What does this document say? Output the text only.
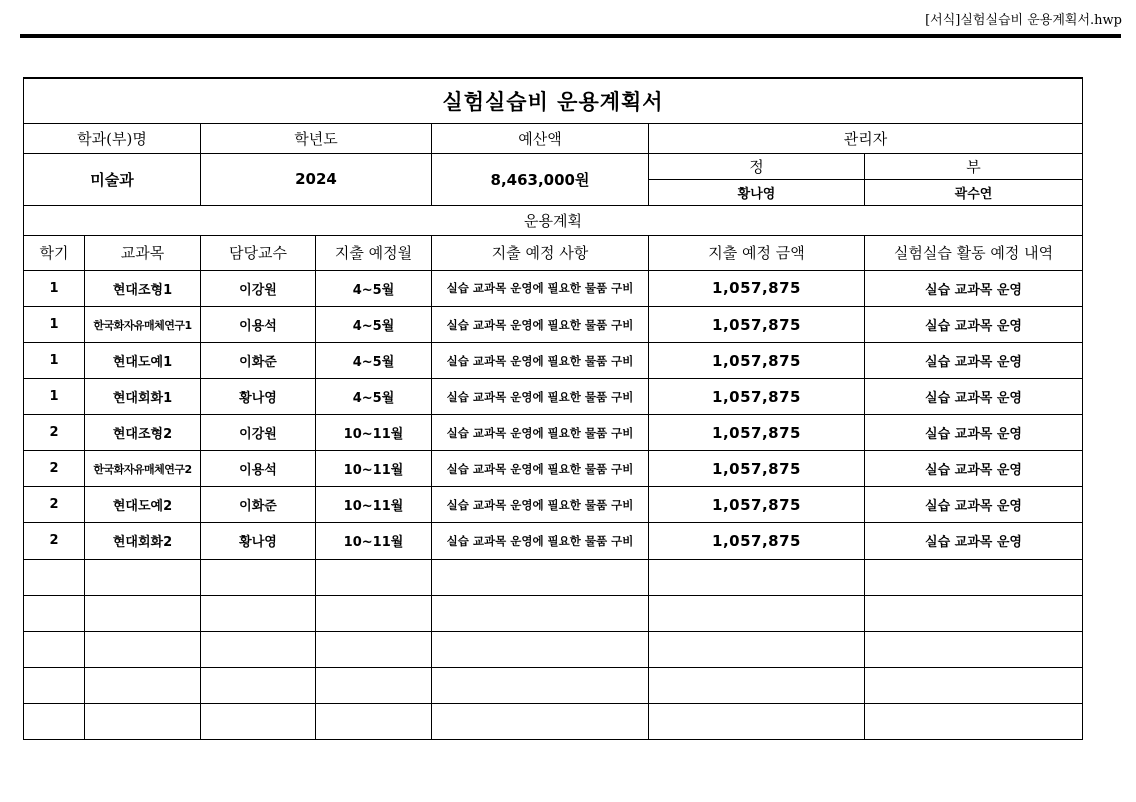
[서식]실험실습비 운용계획서.hwp
실험실습비 운용계획서						
학과(부)명		학년도		예산액	관리자	
미술과		2024		8,463,000원	정	부
					황나영	곽수연
운용계획						
학기	교과목	담당교수	지출 예정월	지출 예정 사항	지출 예정 금액	실험실습 활동 예정 내역
1	현대조형1	이강원	4~5월	실습 교과목 운영에 필요한 물품 구비	1,057,875	실습 교과목 운영
1	한국화자유매체연구1	이용석	4~5월	실습 교과목 운영에 필요한 물품 구비	1,057,875	실습 교과목 운영
1	현대도예1	이화준	4~5월	실습 교과목 운영에 필요한 물품 구비	1,057,875	실습 교과목 운영
1	현대회화1	황나영	4~5월	실습 교과목 운영에 필요한 물품 구비	1,057,875	실습 교과목 운영
2	현대조형2	이강원	10~11월	실습 교과목 운영에 필요한 물품 구비	1,057,875	실습 교과목 운영
2	한국화자유매체연구2	이용석	10~11월	실습 교과목 운영에 필요한 물품 구비	1,057,875	실습 교과목 운영
2	현대도예2	이화준	10~11월	실습 교과목 운영에 필요한 물품 구비	1,057,875	실습 교과목 운영
2	현대회화2	황나영	10~11월	실습 교과목 운영에 필요한 물품 구비	1,057,875	실습 교과목 운영
